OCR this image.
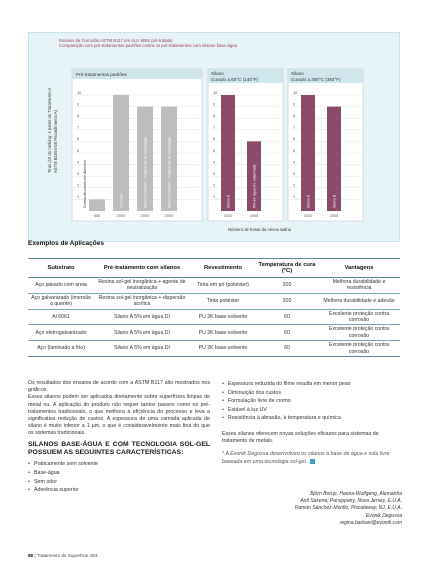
Ensaios de Corrosão ASTM B117 em ALU 6061 pré-tratado
Comparação com pré-tratamentos padrões contra os pré-tratamentos com silanos base-água
Pré-tratamentos padrões	Silano
Curado a 60°C (140°F)
Silano
Curado a 300°C (392°F)
1
2
3
4
5
6
7
8
9
10
1
2
3
4
5
6
7
8
9
10
1
2
3
4
5
6
7
8
9
10
400
Cromo-de-cromo em Alumínio
2000
Cromato
2000
Resina Poliéster - Tratamento de Aceleração
2000
Resina Poliéster - Tratamento de Aceleração
2000
Silano A
1900
5% em água DI, estanhada
2000
Silano A
2000
Silano B
Tiras (10 do ranking: 4 pares do Tratamento A ASTM B1654-08 Procedimento A)
Número de horas da névoa salina
Exemplos de Aplicações
Substrato	Pré-tratamento com silanos	Revestimento	Temperatura de cura (°C)	Vantagens
Aço jateado com areia	Resina sol-gel inorgânica + agente de neutralização	Tinta em pó (poliéster)	200	Melhora durabilidade e resistência
Aço galvanizado (imersão a quente)	Resina sol-gel inorgânica + dispersão acrílica	Tinta poliéster	200	Melhora durabilidade e adesão
Al 6061	Silano A 5% em água DI	PU 2K base-solvente	60	Excelente proteção contra corrosão
Aço eletrogalvanizado	Silano A 5% em água DI	PU 2K base-solvente	60	Excelente proteção contra corrosão
Aço (laminado a frio)	Silano A 5% em água DI	PU 2K base-solvente	60	Excelente proteção contra corrosão

Os resultados dos ensaios de acordo com a ASTM B117 são mostrados nos gráficos.

Esses silanos podem ser aplicados diretamente sobre superfícies limpas de metal nu. A aplicação do produto não requer tantos passos como os pré-tratamentos tradicionais, o que melhora a eficiência do processo e leva a significativa redução de custos. A espessura de uma camada aplicada de silano é muito inferior a 1 µm, o que é consideravelmente mais fina do que os sistemas tradicionais.

SILANOS BASE-ÁGUA E COM TECNOLOGIA SOL-GEL POSSUEM AS SEGUINTES CARACTERÍSTICAS:
• Praticamente sem solvente
• Base-água
• Sem odor
• Aderência superior
• Espessura reduzida do filme resulta em menor peso
• Diminuição dos custos
• Formulação livre de cromo
• Estável à luz UV
• Resistência à abrasão, à temperatura e química

Esses silanos oferecem novas soluções eficazes para sistemas de tratamento de metais.

* A Evonik Degussa desenvolveu os silanos à base de água e sola livre baseada em uma tecnologia sol-gel.

Björn Borup, Hanna-Wolfgang, Alemanha
Anil Saxena, Parsippany, Nova Jersey, E.U.A.
Ramón Sánchez-Morillo, Piscataway, NJ, E.U.A.
Evonik Degussa
regina.barbani@evonik.com
88 | Tratamento de Superfície 163
